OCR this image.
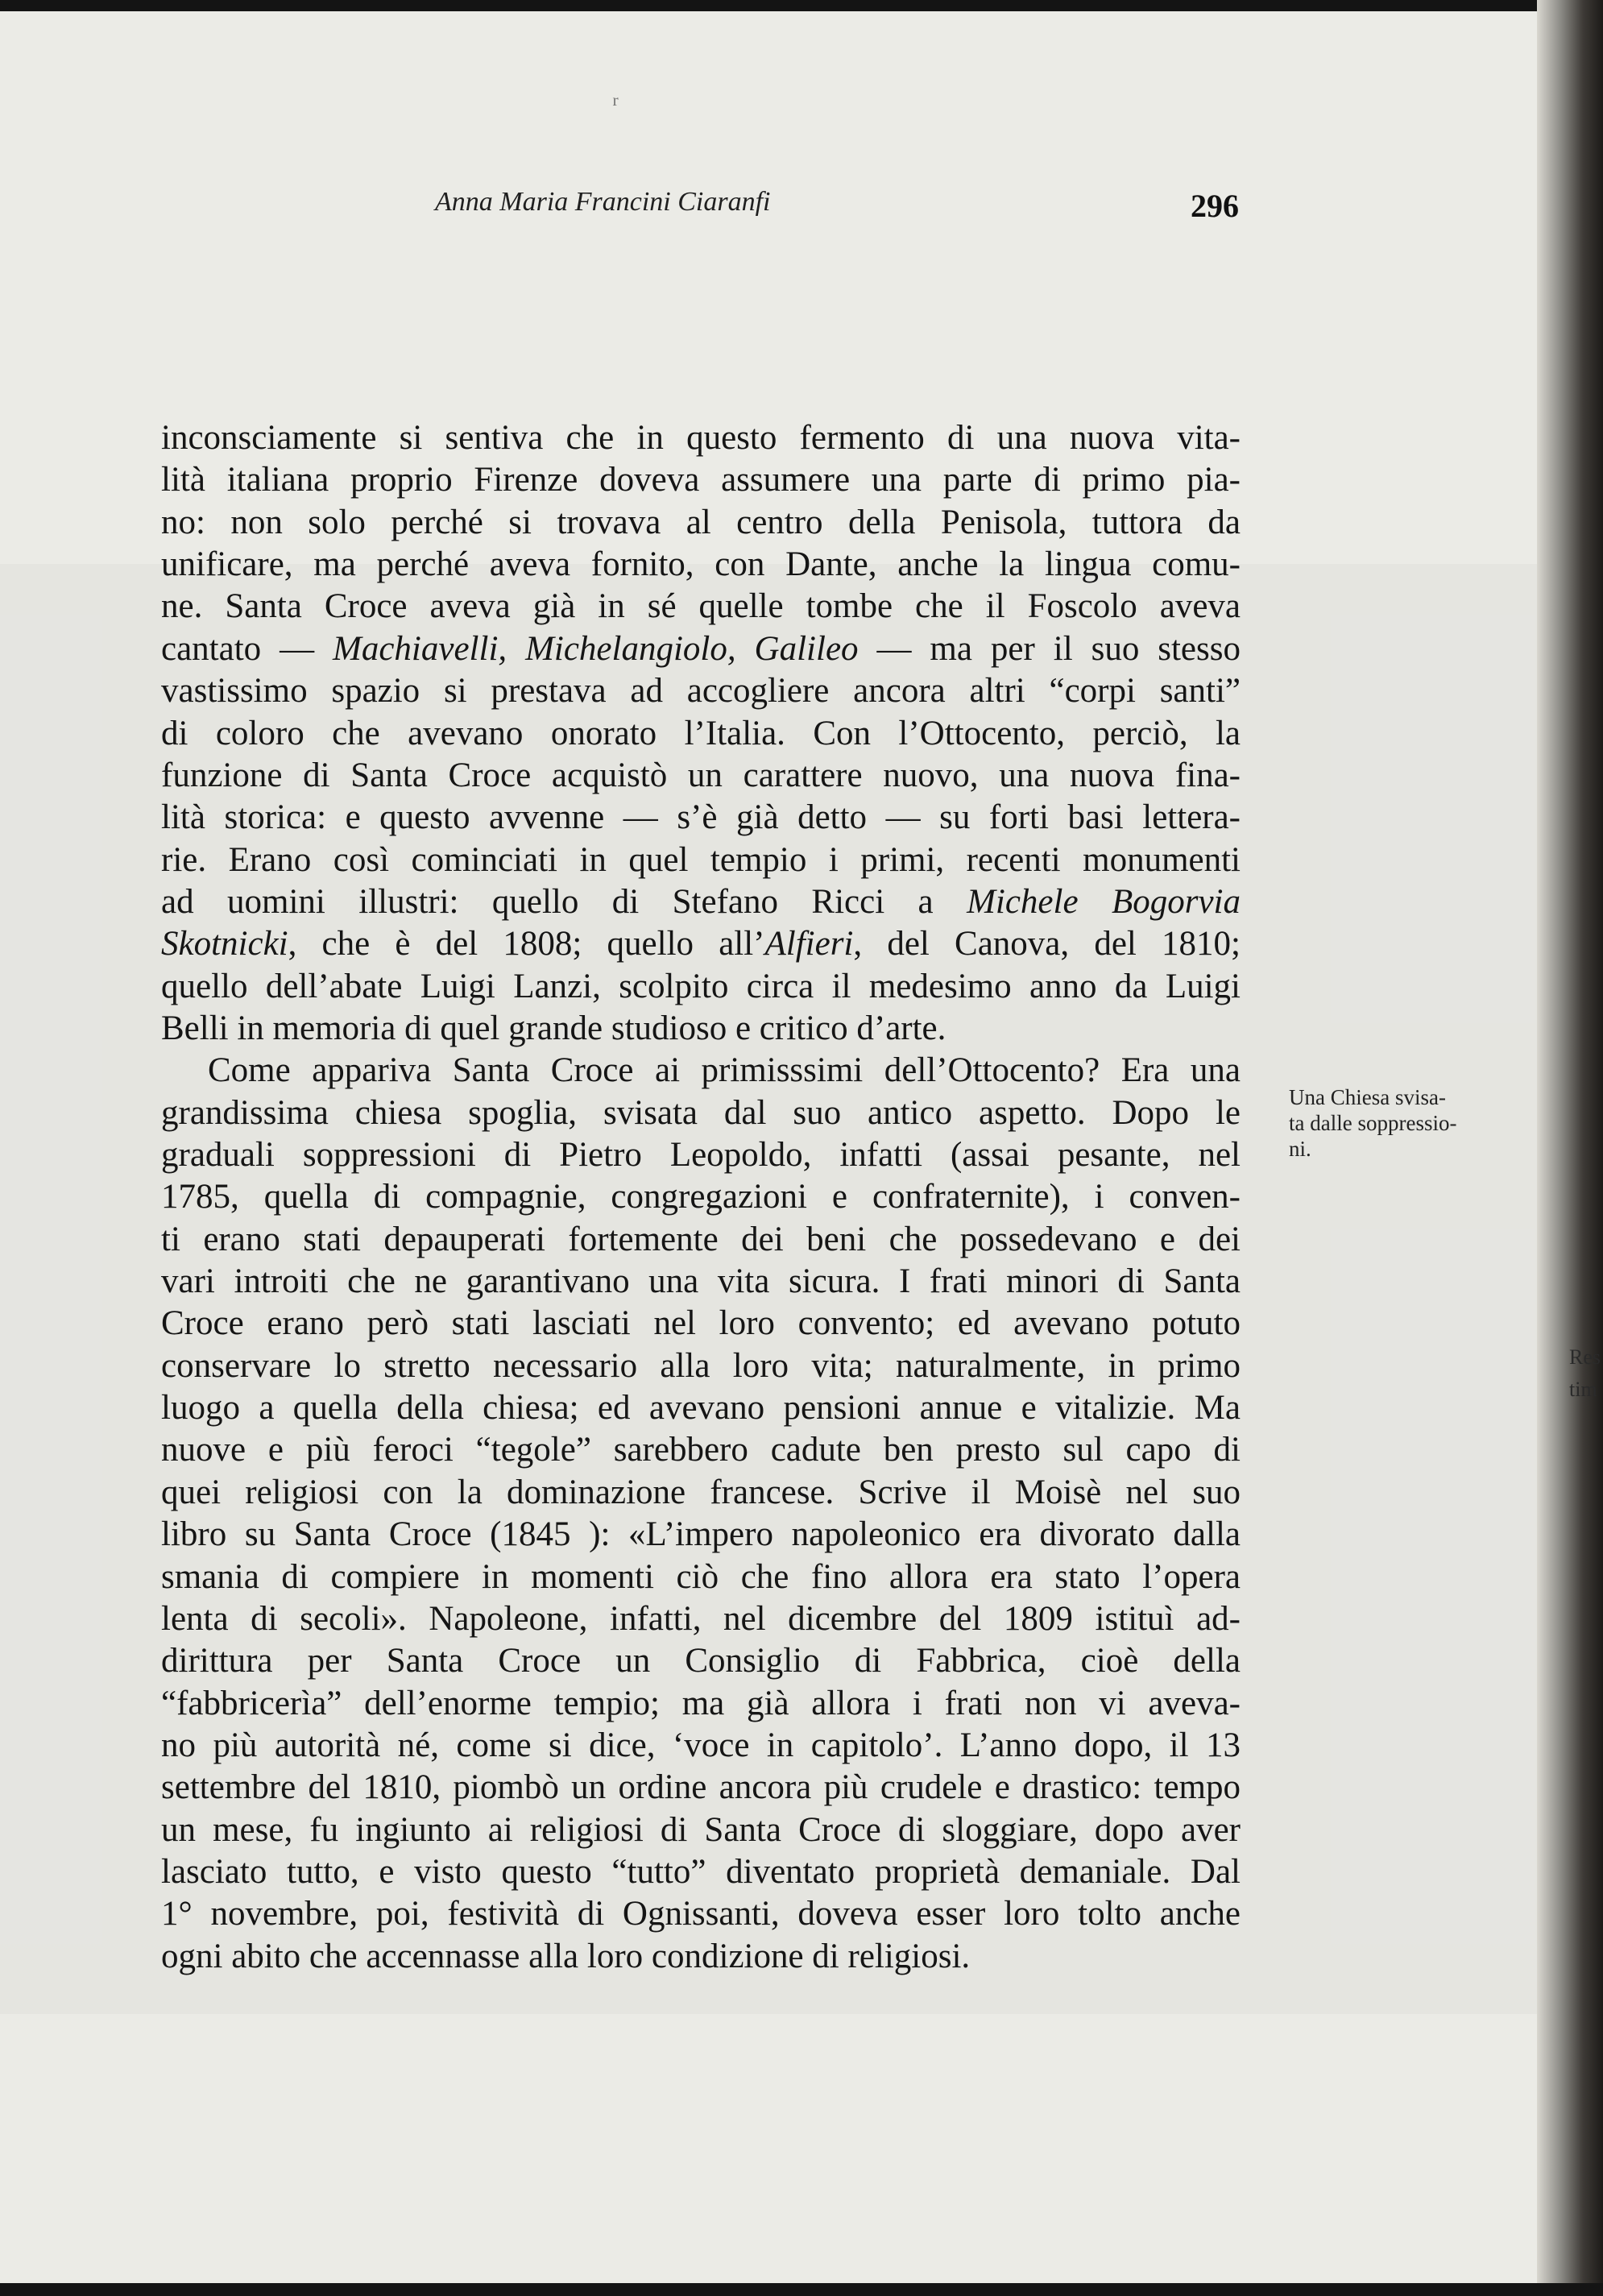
ʳ
Anna Maria Francini Ciaranfi	296
inconsciamente si sentiva che in questo fermento di una nuova vita-
lità italiana proprio Firenze doveva assumere una parte di primo pia-
no: non solo perché si trovava al centro della Penisola, tuttora da
unificare, ma perché aveva fornito, con Dante, anche la lingua comu-
ne. Santa Croce aveva già in sé quelle tombe che il Foscolo aveva
cantato — Machiavelli, Michelangiolo, Galileo — ma per il suo stesso
vastissimo spazio si prestava ad accogliere ancora altri “corpi santi”
di coloro che avevano onorato l’Italia. Con l’Ottocento, perciò, la
funzione di Santa Croce acquistò un carattere nuovo, una nuova fina-
lità storica: e questo avvenne — s’è già detto — su forti basi lettera-
rie. Erano così cominciati in quel tempio i primi, recenti monumenti
ad uomini illustri: quello di Stefano Ricci a Michele Bogorvia
Skotnicki, che è del 1808; quello all’Alfieri, del Canova, del 1810;
quello dell’abate Luigi Lanzi, scolpito circa il medesimo anno da Luigi
Belli in memoria di quel grande studioso e critico d’arte.
Come appariva Santa Croce ai primisssimi dell’Ottocento? Era una
grandissima chiesa spoglia, svisata dal suo antico aspetto. Dopo le
graduali soppressioni di Pietro Leopoldo, infatti (assai pesante, nel
1785, quella di compagnie, congregazioni e confraternite), i conven-
ti erano stati depauperati fortemente dei beni che possedevano e dei
vari introiti che ne garantivano una vita sicura. I frati minori di Santa
Croce erano però stati lasciati nel loro convento; ed avevano potuto
conservare lo stretto necessario alla loro vita; naturalmente, in primo
luogo a quella della chiesa; ed avevano pensioni annue e vitalizie. Ma
nuove e più feroci “tegole” sarebbero cadute ben presto sul capo di
quei religiosi con la dominazione francese. Scrive il Moisè nel suo
libro su Santa Croce (1845 ): «L’impero napoleonico era divorato dalla
smania di compiere in momenti ciò che fino allora era stato l’opera
lenta di secoli». Napoleone, infatti, nel dicembre del 1809 istituì ad-
dirittura per Santa Croce un Consiglio di Fabbrica, cioè della
“fabbricerìa” dell’enorme tempio; ma già allora i frati non vi aveva-
no più autorità né, come si dice, ‘voce in capitolo’. L’anno dopo, il 13
settembre del 1810, piombò un ordine ancora più crudele e drastico: tempo
un mese, fu ingiunto ai religiosi di Santa Croce di sloggiare, dopo aver
lasciato tutto, e visto questo “tutto” diventato proprietà demaniale. Dal
1° novembre, poi, festività di Ognissanti, doveva esser loro tolto anche
ogni abito che accennasse alla loro condizione di religiosi.
Una Chiesa svisa-
ta dalle soppressio-
ni.
Res
tim
